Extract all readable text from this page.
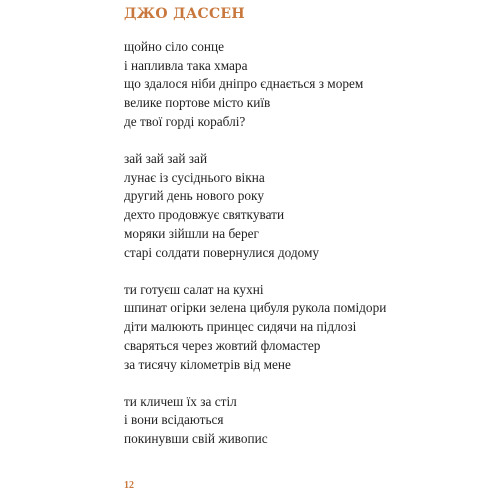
ДЖО ДАССЕН
щойно сіло сонце
і напливла така хмара
що здалося ніби дніпро єднається з морем
велике портове місто київ
де твої горді кораблі?
зай зай зай зай
лунає із сусіднього вікна
другий день нового року
дехто продовжує святкувати
моряки зійшли на берег
старі солдати повернулися додому
ти готуєш салат на кухні
шпинат огірки зелена цибуля рукола помідори
діти малюють принцес сидячи на підлозі
сваряться через жовтий фломастер
за тисячу кілометрів від мене
ти кличеш їх за стіл
і вони всідаються
покинувши свій живопис
12
